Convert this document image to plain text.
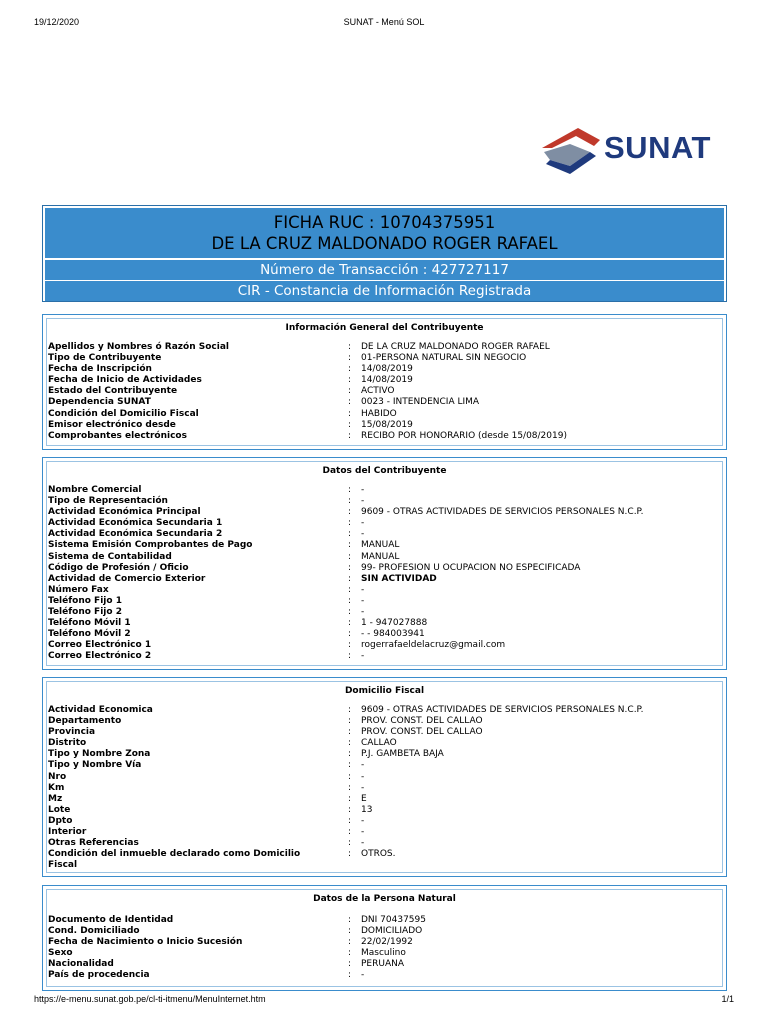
19/12/2020	SUNAT - Menú SOL
SUNAT
FICHA RUC : 10704375951
DE LA CRUZ MALDONADO ROGER RAFAEL
Número de Transacción : 427727117
CIR - Constancia de Información Registrada
Información General del Contribuyente
Apellidos y Nombres ó Razón Social	: DE LA CRUZ MALDONADO ROGER RAFAEL
Tipo de Contribuyente	: 01-PERSONA NATURAL SIN NEGOCIO
Fecha de Inscripción	: 14/08/2019
Fecha de Inicio de Actividades	: 14/08/2019
Estado del Contribuyente	: ACTIVO
Dependencia SUNAT	: 0023 - INTENDENCIA LIMA
Condición del Domicilio Fiscal	: HABIDO
Emisor electrónico desde	: 15/08/2019
Comprobantes electrónicos	: RECIBO POR HONORARIO (desde 15/08/2019)
Datos del Contribuyente
Nombre Comercial	: -
Tipo de Representación	: -
Actividad Económica Principal	: 9609 - OTRAS ACTIVIDADES DE SERVICIOS PERSONALES N.C.P.
Actividad Económica Secundaria 1	: -
Actividad Económica Secundaria 2	: -
Sistema Emisión Comprobantes de Pago	: MANUAL
Sistema de Contabilidad	: MANUAL
Código de Profesión / Oficio	: 99- PROFESION U OCUPACION NO ESPECIFICADA
Actividad de Comercio Exterior	: SIN ACTIVIDAD
Número Fax	: -
Teléfono Fijo 1	: -
Teléfono Fijo 2	: -
Teléfono Móvil 1	: 1 - 947027888
Teléfono Móvil 2	: - - 984003941
Correo Electrónico 1	: rogerrafaeldelacruz@gmail.com
Correo Electrónico 2	: -
Domicilio Fiscal
Actividad Economica	: 9609 - OTRAS ACTIVIDADES DE SERVICIOS PERSONALES N.C.P.
Departamento	: PROV. CONST. DEL CALLAO
Provincia	: PROV. CONST. DEL CALLAO
Distrito	: CALLAO
Tipo y Nombre Zona	: P.J. GAMBETA BAJA
Tipo y Nombre Vía	: -
Nro	: -
Km	: -
Mz	: E
Lote	: 13
Dpto	: -
Interior	: -
Otras Referencias	: -
Condición del inmueble declarado como Domicilio Fiscal
: OTROS.
Datos de la Persona Natural
Documento de Identidad	: DNI 70437595
Cond. Domiciliado	: DOMICILIADO
Fecha de Nacimiento o Inicio Sucesión	: 22/02/1992
Sexo	: Masculino
Nacionalidad	: PERUANA
País de procedencia	: -
https://e-menu.sunat.gob.pe/cl-ti-itmenu/MenuInternet.htm	1/1
